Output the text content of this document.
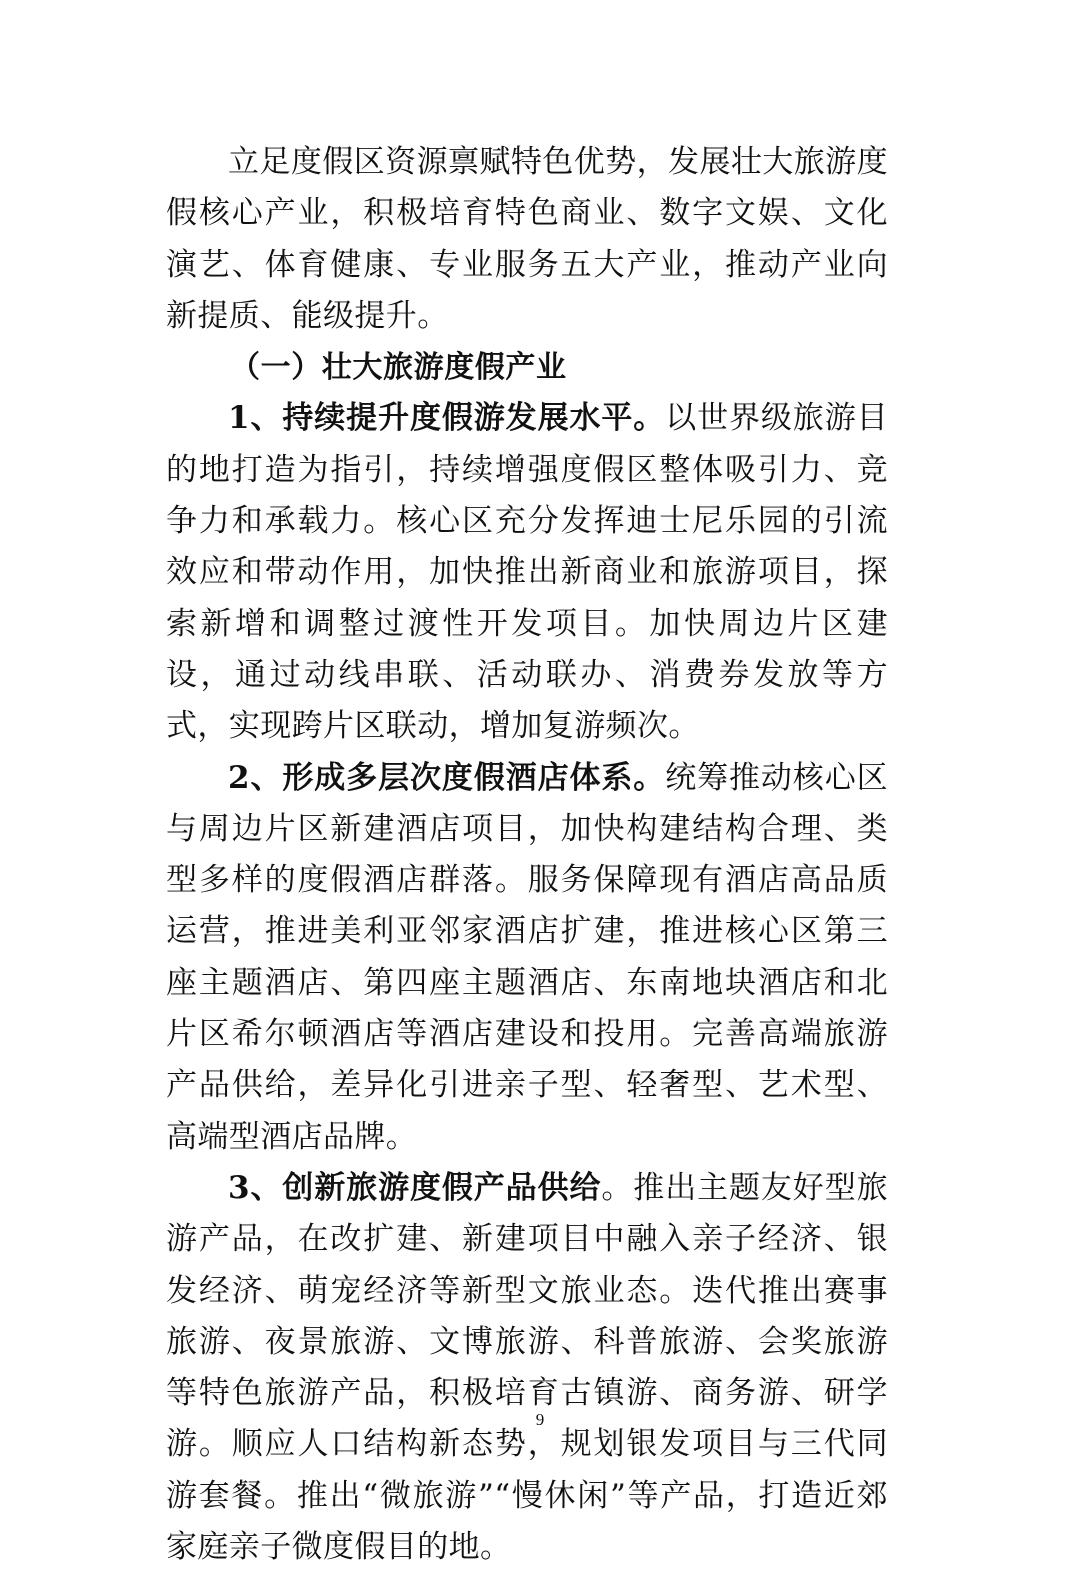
立足度假区资源禀赋特色优势，发展壮大旅游度假核心产业，积极培育特色商业、数字文娱、文化演艺、体育健康、专业服务五大产业，推动产业向新提质、能级提升。

（一）壮大旅游度假产业

1、持续提升度假游发展水平。以世界级旅游目的地打造为指引，持续增强度假区整体吸引力、竞争力和承载力。核心区充分发挥迪士尼乐园的引流效应和带动作用，加快推出新商业和旅游项目，探索新增和调整过渡性开发项目。加快周边片区建设，通过动线串联、活动联办、消费券发放等方式，实现跨片区联动，增加复游频次。

2、形成多层次度假酒店体系。统筹推动核心区与周边片区新建酒店项目，加快构建结构合理、类型多样的度假酒店群落。服务保障现有酒店高品质运营，推进美利亚邻家酒店扩建，推进核心区第三座主题酒店、第四座主题酒店、东南地块酒店和北片区希尔顿酒店等酒店建设和投用。完善高端旅游产品供给，差异化引进亲子型、轻奢型、艺术型、高端型酒店品牌。

3、创新旅游度假产品供给。推出主题友好型旅游产品，在改扩建、新建项目中融入亲子经济、银发经济、萌宠经济等新型文旅业态。迭代推出赛事旅游、夜景旅游、文博旅游、科普旅游、会奖旅游等特色旅游产品，积极培育古镇游、商务游、研学游。顺应人口结构新态势，规划银发项目与三代同游套餐。推出“微旅游”“慢休闲”等产品，打造近郊家庭亲子微度假目的地。

9
